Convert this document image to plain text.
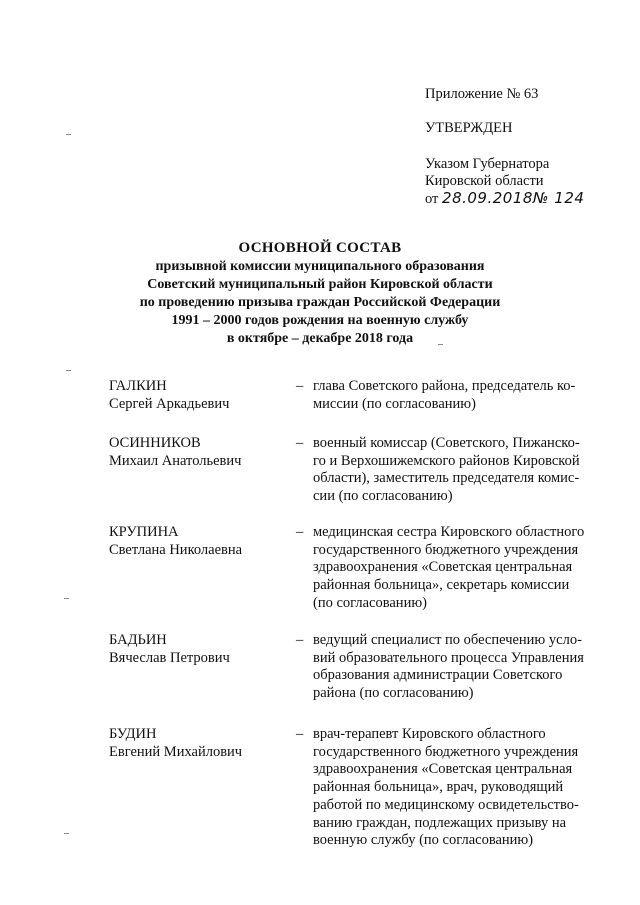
Приложение № 63
УТВЕРЖДЕН
Указом Губернатора
Кировской области
от 28.09.2018№ 124
ОСНОВНОЙ СОСТАВ
призывной комиссии муниципального образования
Советский муниципальный район Кировской области
по проведению призыва граждан Российской Федерации
1991 – 2000 годов рождения на военную службу
в октябре – декабре 2018 года
ГАЛКИН
Сергей Аркадьевич
– глава Советского района, председатель ко-
миссии (по согласованию)
ОСИННИКОВ
Михаил Анатольевич
– военный комиссар (Советского, Пижанско-
го и Верхошижемского районов Кировской
области), заместитель председателя комис-
сии (по согласованию)
КРУПИНА
Светлана Николаевна
– медицинская сестра Кировского областного
государственного бюджетного учреждения
здравоохранения «Советская центральная
районная больница», секретарь комиссии
(по согласованию)
БАДЬИН
Вячеслав Петрович
– ведущий специалист по обеспечению усло-
вий образовательного процесса Управления
образования администрации Советского
района (по согласованию)
БУДИН
Евгений Михайлович
– врач-терапевт Кировского областного
государственного бюджетного учреждения
здравоохранения «Советская центральная
районная больница», врач, руководящий
работой по медицинскому освидетельство-
ванию граждан, подлежащих призыву на
военную службу (по согласованию)
